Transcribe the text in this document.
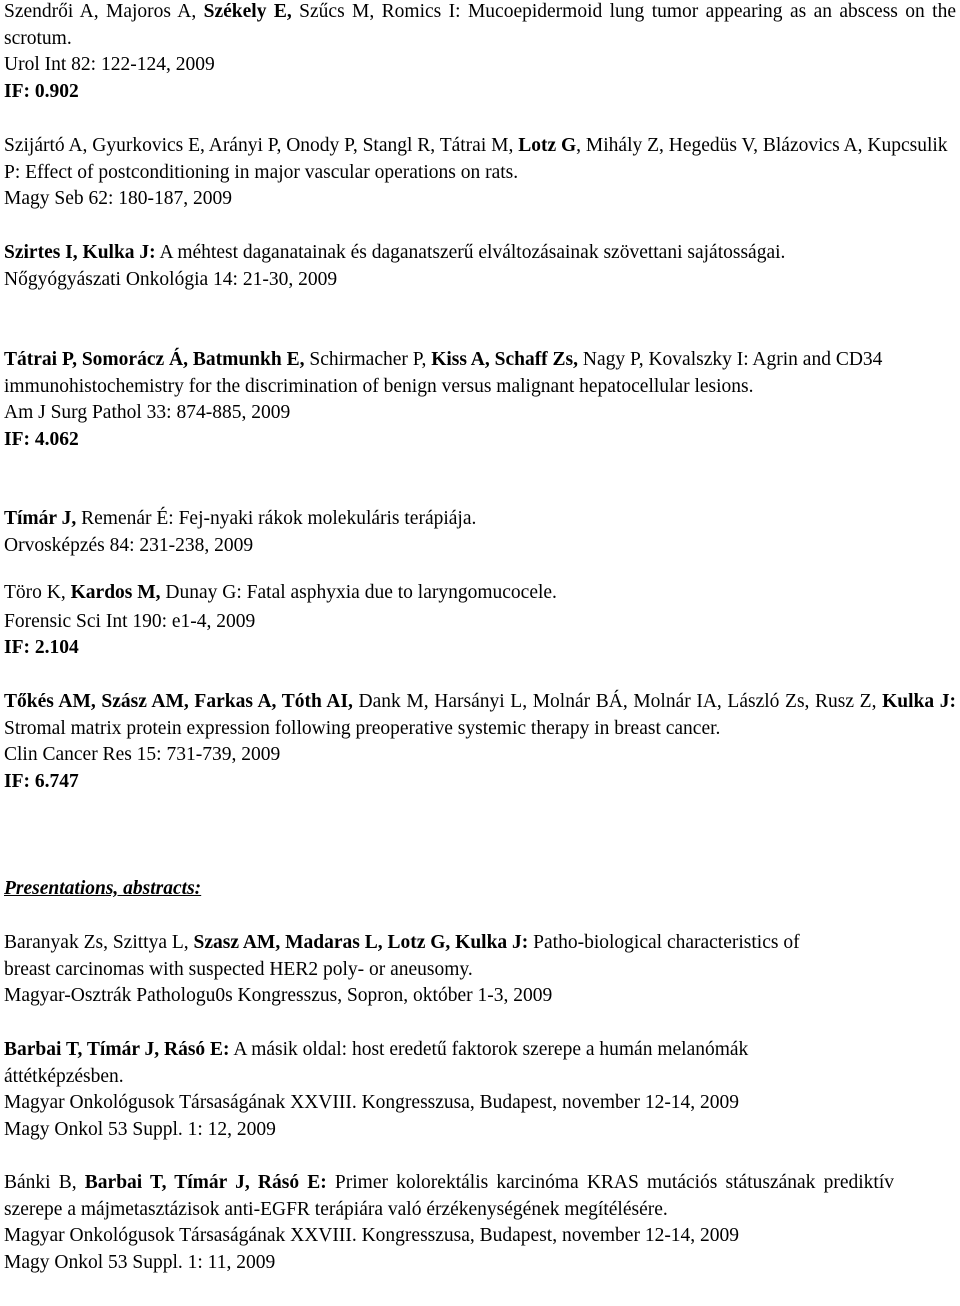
Szendrői A, Majoros A, Székely E, Szűcs M, Romics I: Mucoepidermoid lung tumor appearing as an abscess on the scrotum.

Urol Int 82: 122-124, 2009

IF: 0.902

Szijártó A, Gyurkovics E, Arányi P, Onody P, Stangl R, Tátrai M, Lotz G, Mihály Z, Hegedüs V, Blázovics A, Kupcsulik P: Effect of postconditioning in major vascular operations on rats.

Magy Seb 62: 180-187, 2009

Szirtes I, Kulka J: A méhtest daganatainak és daganatszerű elváltozásainak szövettani sajátosságai.

Nőgyógyászati Onkológia 14: 21-30, 2009

Tátrai P, Somorácz Á, Batmunkh E, Schirmacher P, Kiss A, Schaff Zs, Nagy P, Kovalszky I: Agrin and CD34 immunohistochemistry for the discrimination of benign versus malignant hepatocellular lesions.

Am J Surg Pathol 33: 874-885, 2009

IF: 4.062

Tímár J, Remenár É: Fej-nyaki rákok molekuláris terápiája.

Orvosképzés 84: 231-238, 2009

Töro K, Kardos M, Dunay G: Fatal asphyxia due to laryngomucocele.

Forensic Sci Int 190: e1-4, 2009

IF: 2.104

Tőkés AM, Szász AM, Farkas A, Tóth AI, Dank M, Harsányi L, Molnár BÁ, Molnár IA, László Zs, Rusz Z, Kulka J: Stromal matrix protein expression following preoperative systemic therapy in breast cancer.

Clin Cancer Res 15: 731-739, 2009

IF: 6.747

Presentations, abstracts:

Baranyak Zs, Szittya L, Szasz AM, Madaras L, Lotz G, Kulka J: Patho-biological characteristics of breast carcinomas with suspected HER2 poly- or aneusomy.

Magyar-Osztrák Pathologu0s Kongresszus, Sopron, október 1-3, 2009

Barbai T, Tímár J, Rásó E: A másik oldal: host eredetű faktorok szerepe a humán melanómák áttétképzésben.

Magyar Onkológusok Társaságának XXVIII. Kongresszusa, Budapest, november 12-14, 2009

Magy Onkol 53 Suppl. 1: 12, 2009

Bánki B, Barbai T, Tímár J, Rásó E: Primer kolorektális karcinóma KRAS mutációs státuszának prediktív szerepe a májmetasztázisok anti-EGFR terápiára való érzékenységének megítélésére.

Magyar Onkológusok Társaságának XXVIII. Kongresszusa, Budapest, november 12-14, 2009

Magy Onkol 53 Suppl. 1: 11, 2009
